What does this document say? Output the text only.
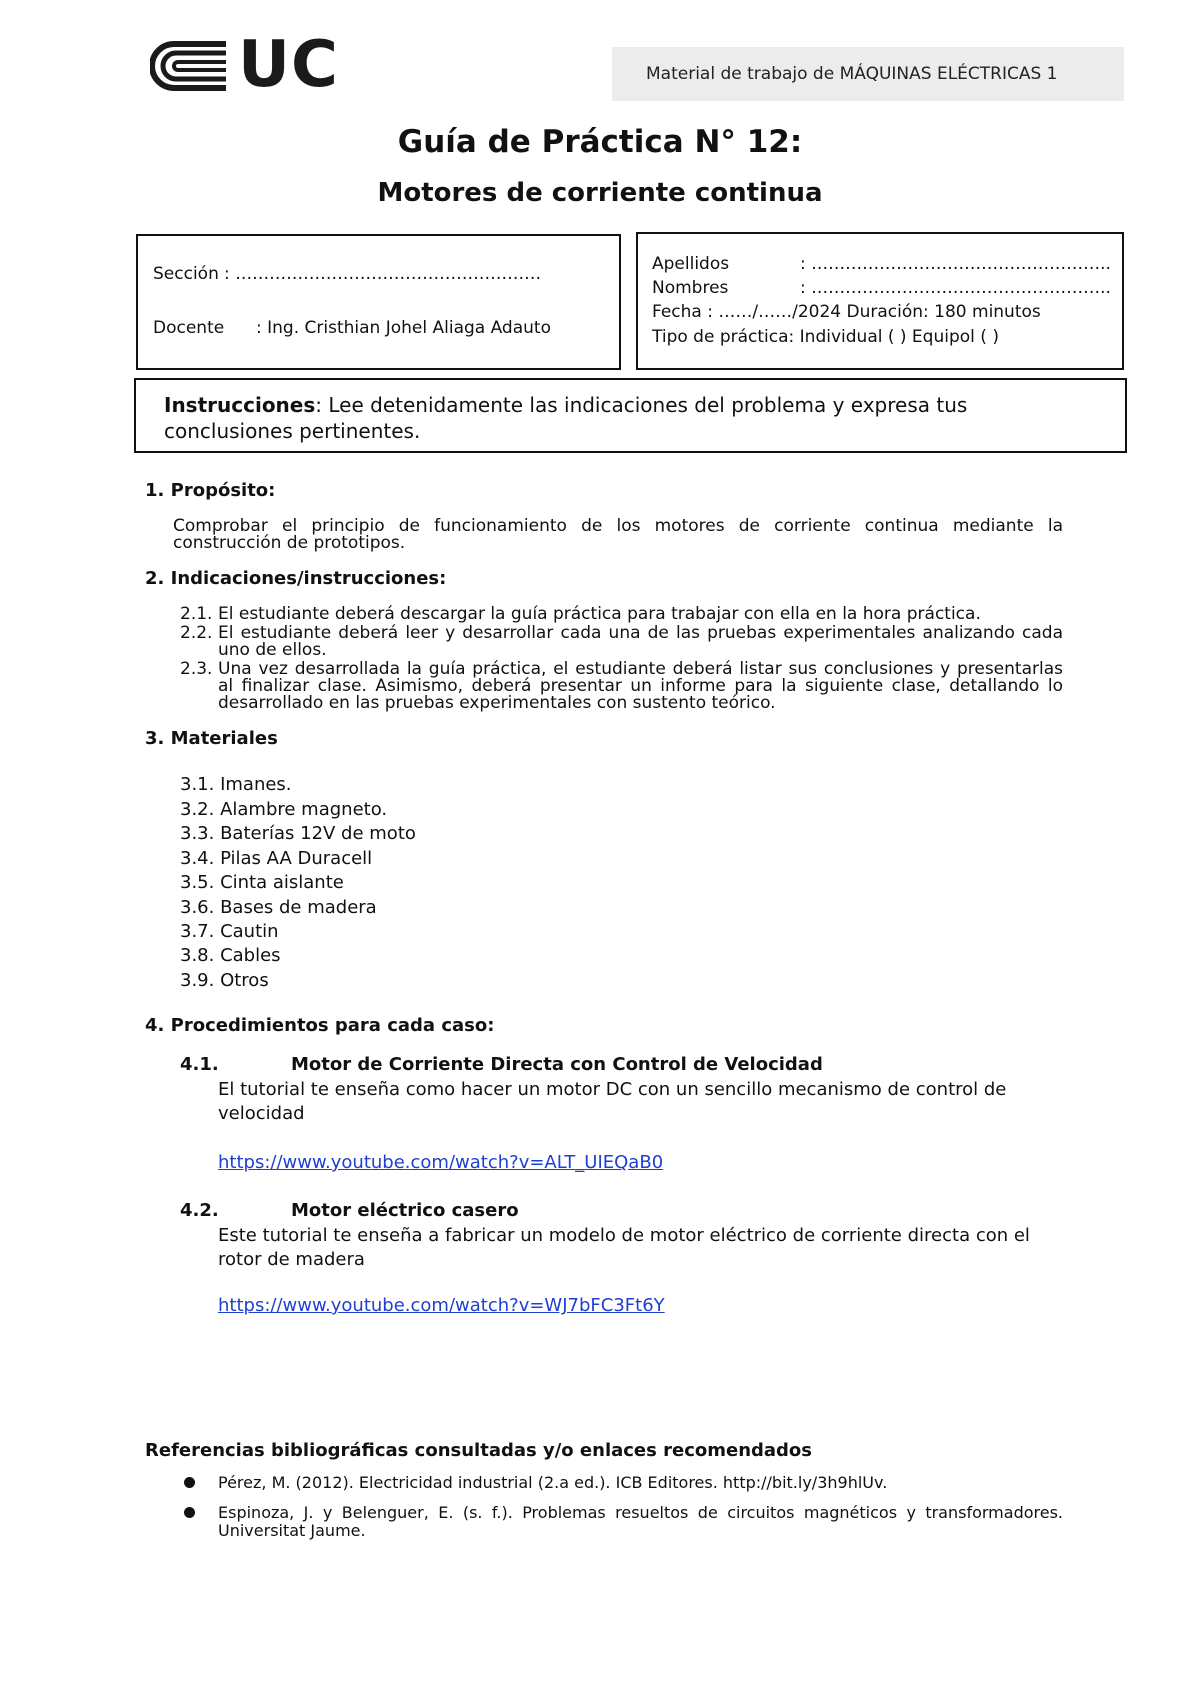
UC	Material de trabajo de MÁQUINAS ELÉCTRICAS 1
Guía de Práctica N° 12:
Motores de corriente continua
Sección : ………………………………………………
Docente : Ing. Cristhian Johel Aliaga Adauto
Apellidos	: ……………………………………………..
Nombres	: ……………………………………………..
Fecha : ……/……/2024 Duración: 180 minutos
Tipo de práctica: Individual ( ) Equipol ( )
Instrucciones: Lee detenidamente las indicaciones del problema y expresa tus conclusiones pertinentes.
1. Propósito:
Comprobar el principio de funcionamiento de los motores de corriente continua mediante la construcción de prototipos.
2. Indicaciones/instrucciones:
2.1. El estudiante deberá descargar la guía práctica para trabajar con ella en la hora práctica.
2.2. El estudiante deberá leer y desarrollar cada una de las pruebas experimentales analizando cada uno de ellos.
2.3. Una vez desarrollada la guía práctica, el estudiante deberá listar sus conclusiones y presentarlas al finalizar clase. Asimismo, deberá presentar un informe para la siguiente clase, detallando lo desarrollado en las pruebas experimentales con sustento teórico.
3. Materiales
3.1. Imanes.
3.2. Alambre magneto.
3.3. Baterías 12V de moto
3.4. Pilas AA Duracell
3.5. Cinta aislante
3.6. Bases de madera
3.7. Cautin
3.8. Cables
3.9. Otros
4. Procedimientos para cada caso:
4.1.	Motor de Corriente Directa con Control de Velocidad
El tutorial te enseña como hacer un motor DC con un sencillo mecanismo de control de velocidad
https://www.youtube.com/watch?v=ALT_UIEQaB0
4.2.	Motor eléctrico casero
Este tutorial te enseña a fabricar un modelo de motor eléctrico de corriente directa con el rotor de madera
https://www.youtube.com/watch?v=WJ7bFC3Ft6Y
Referencias bibliográficas consultadas y/o enlaces recomendados
Pérez, M. (2012). Electricidad industrial (2.a ed.). ICB Editores. http://bit.ly/3h9hlUv.
Espinoza, J. y Belenguer, E. (s. f.). Problemas resueltos de circuitos magnéticos y transformadores. Universitat Jaume.
